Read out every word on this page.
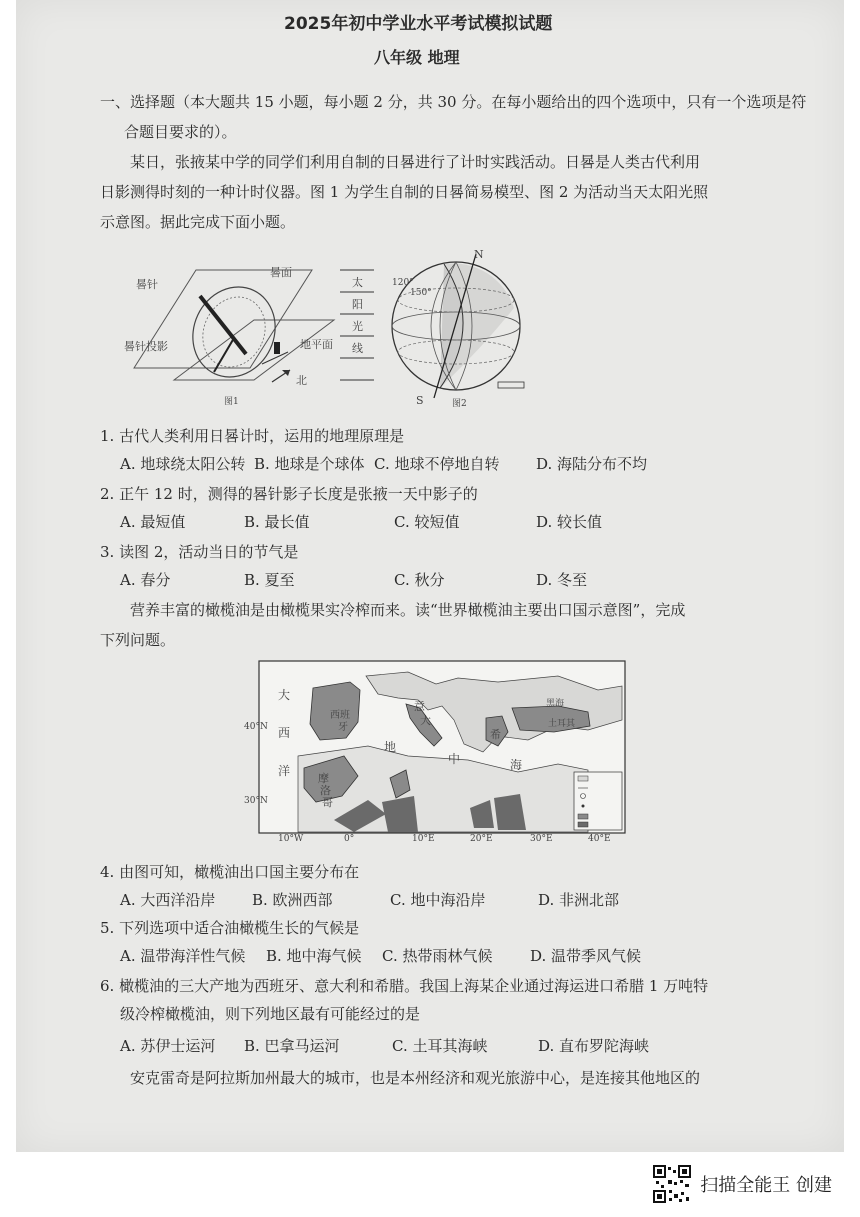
2025年初中学业水平考试模拟试题
八年级 地理
一、选择题（本大题共 15 小题，每小题 2 分，共 30 分。在每小题给出的四个选项中，只有一个选项是符
合题目要求的）。
某日，张掖某中学的同学们利用自制的日晷进行了计时实践活动。日晷是人类古代利用
日影测得时刻的一种计时仪器。图 1 为学生自制的日晷简易模型、图 2 为活动当天太阳光照
示意图。据此完成下面小题。
晷针
晷面
晷针投影	地平面
北
图1
太
阳
光
线
N
S
120°
150°
图2
1. 古代人类利用日晷计时，运用的地理原理是
A. 地球绕太阳公转 B. 地球是个球体 C. 地球不停地自转 D. 海陆分布不均
2. 正午 12 时，测得的晷针影子长度是张掖一天中影子的
A. 最短值	B. 最长值	C. 较短值	D. 较长值
3. 读图 2，活动当日的节气是
A. 春分	B. 夏至	C. 秋分	D. 冬至
营养丰富的橄榄油是由橄榄果实冷榨而来。读“世界橄榄油主要出口国示意图”，完成
下列问题。
40°N
30°N
10°W	0°	10°E	20°E	30°E	40°E
大
西
洋
西班
牙
摩
洛
哥
地
中	海
黑海
土耳其
意
大
希
4. 由图可知，橄榄油出口国主要分布在
A. 大西洋沿岸 B. 欧洲西部	C. 地中海沿岸	D. 非洲北部
5. 下列选项中适合油橄榄生长的气候是
A. 温带海洋性气候 B. 地中海气候 C. 热带雨林气候	D. 温带季风气候
6. 橄榄油的三大产地为西班牙、意大利和希腊。我国上海某企业通过海运进口希腊 1 万吨特
级冷榨橄榄油，则下列地区最有可能经过的是
A. 苏伊士运河 B. 巴拿马运河	C. 土耳其海峡	D. 直布罗陀海峡
安克雷奇是阿拉斯加州最大的城市，也是本州经济和观光旅游中心，是连接其他地区的
扫描全能王 创建
